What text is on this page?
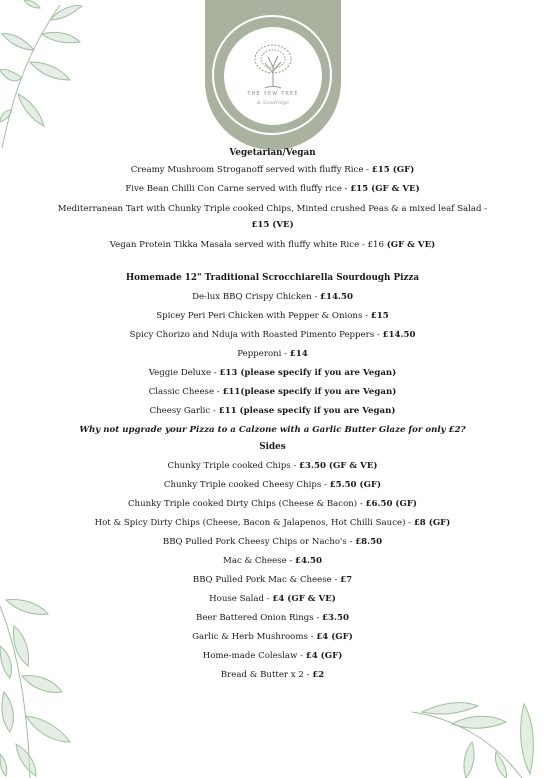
THE YEW TREE
& Sandridge
Vegetarian/Vegan
Creamy Mushroom Stroganoff served with fluffy Rice - £15 (GF)
Five Bean Chilli Con Carne served with fluffy rice - £15 (GF & VE)
Mediterranean Tart with Chunky Triple cooked Chips, Minted crushed Peas & a mixed leaf Salad - £15 (VE)
Vegan Protein Tikka Masala served with fluffy white Rice - £16 (GF & VE)
Homemade 12" Traditional Scrocchiarella Sourdough Pizza
De-lux BBQ Crispy Chicken - £14.50
Spicey Peri Peri Chicken with Pepper & Onions - £15
Spicy Chorizo and Nduja with Roasted Pimento Peppers - £14.50
Pepperoni - £14
Veggie Deluxe - £13 (please specify if you are Vegan)
Classic Cheese - £11(please specify if you are Vegan)
Cheesy Garlic - £11 (please specify if you are Vegan)
Why not upgrade your Pizza to a Calzone with a Garlic Butter Glaze for only £2?
Sides
Chunky Triple cooked Chips - £3.50 (GF & VE)
Chunky Triple cooked Cheesy Chips - £5.50 (GF)
Chunky Triple cooked Dirty Chips (Cheese & Bacon) - £6.50 (GF)
Hot & Spicy Dirty Chips (Cheese, Bacon & Jalapenos, Hot Chilli Sauce) - £8 (GF)
BBQ Pulled Pork Cheesy Chips or Nacho's - £8.50
Mac & Cheese - £4.50
BBQ Pulled Pork Mac & Cheese - £7
House Salad - £4 (GF & VE)
Beer Battered Onion Rings - £3.50
Garlic & Herb Mushrooms - £4 (GF)
Home-made Coleslaw - £4 (GF)
Bread & Butter x 2 - £2
